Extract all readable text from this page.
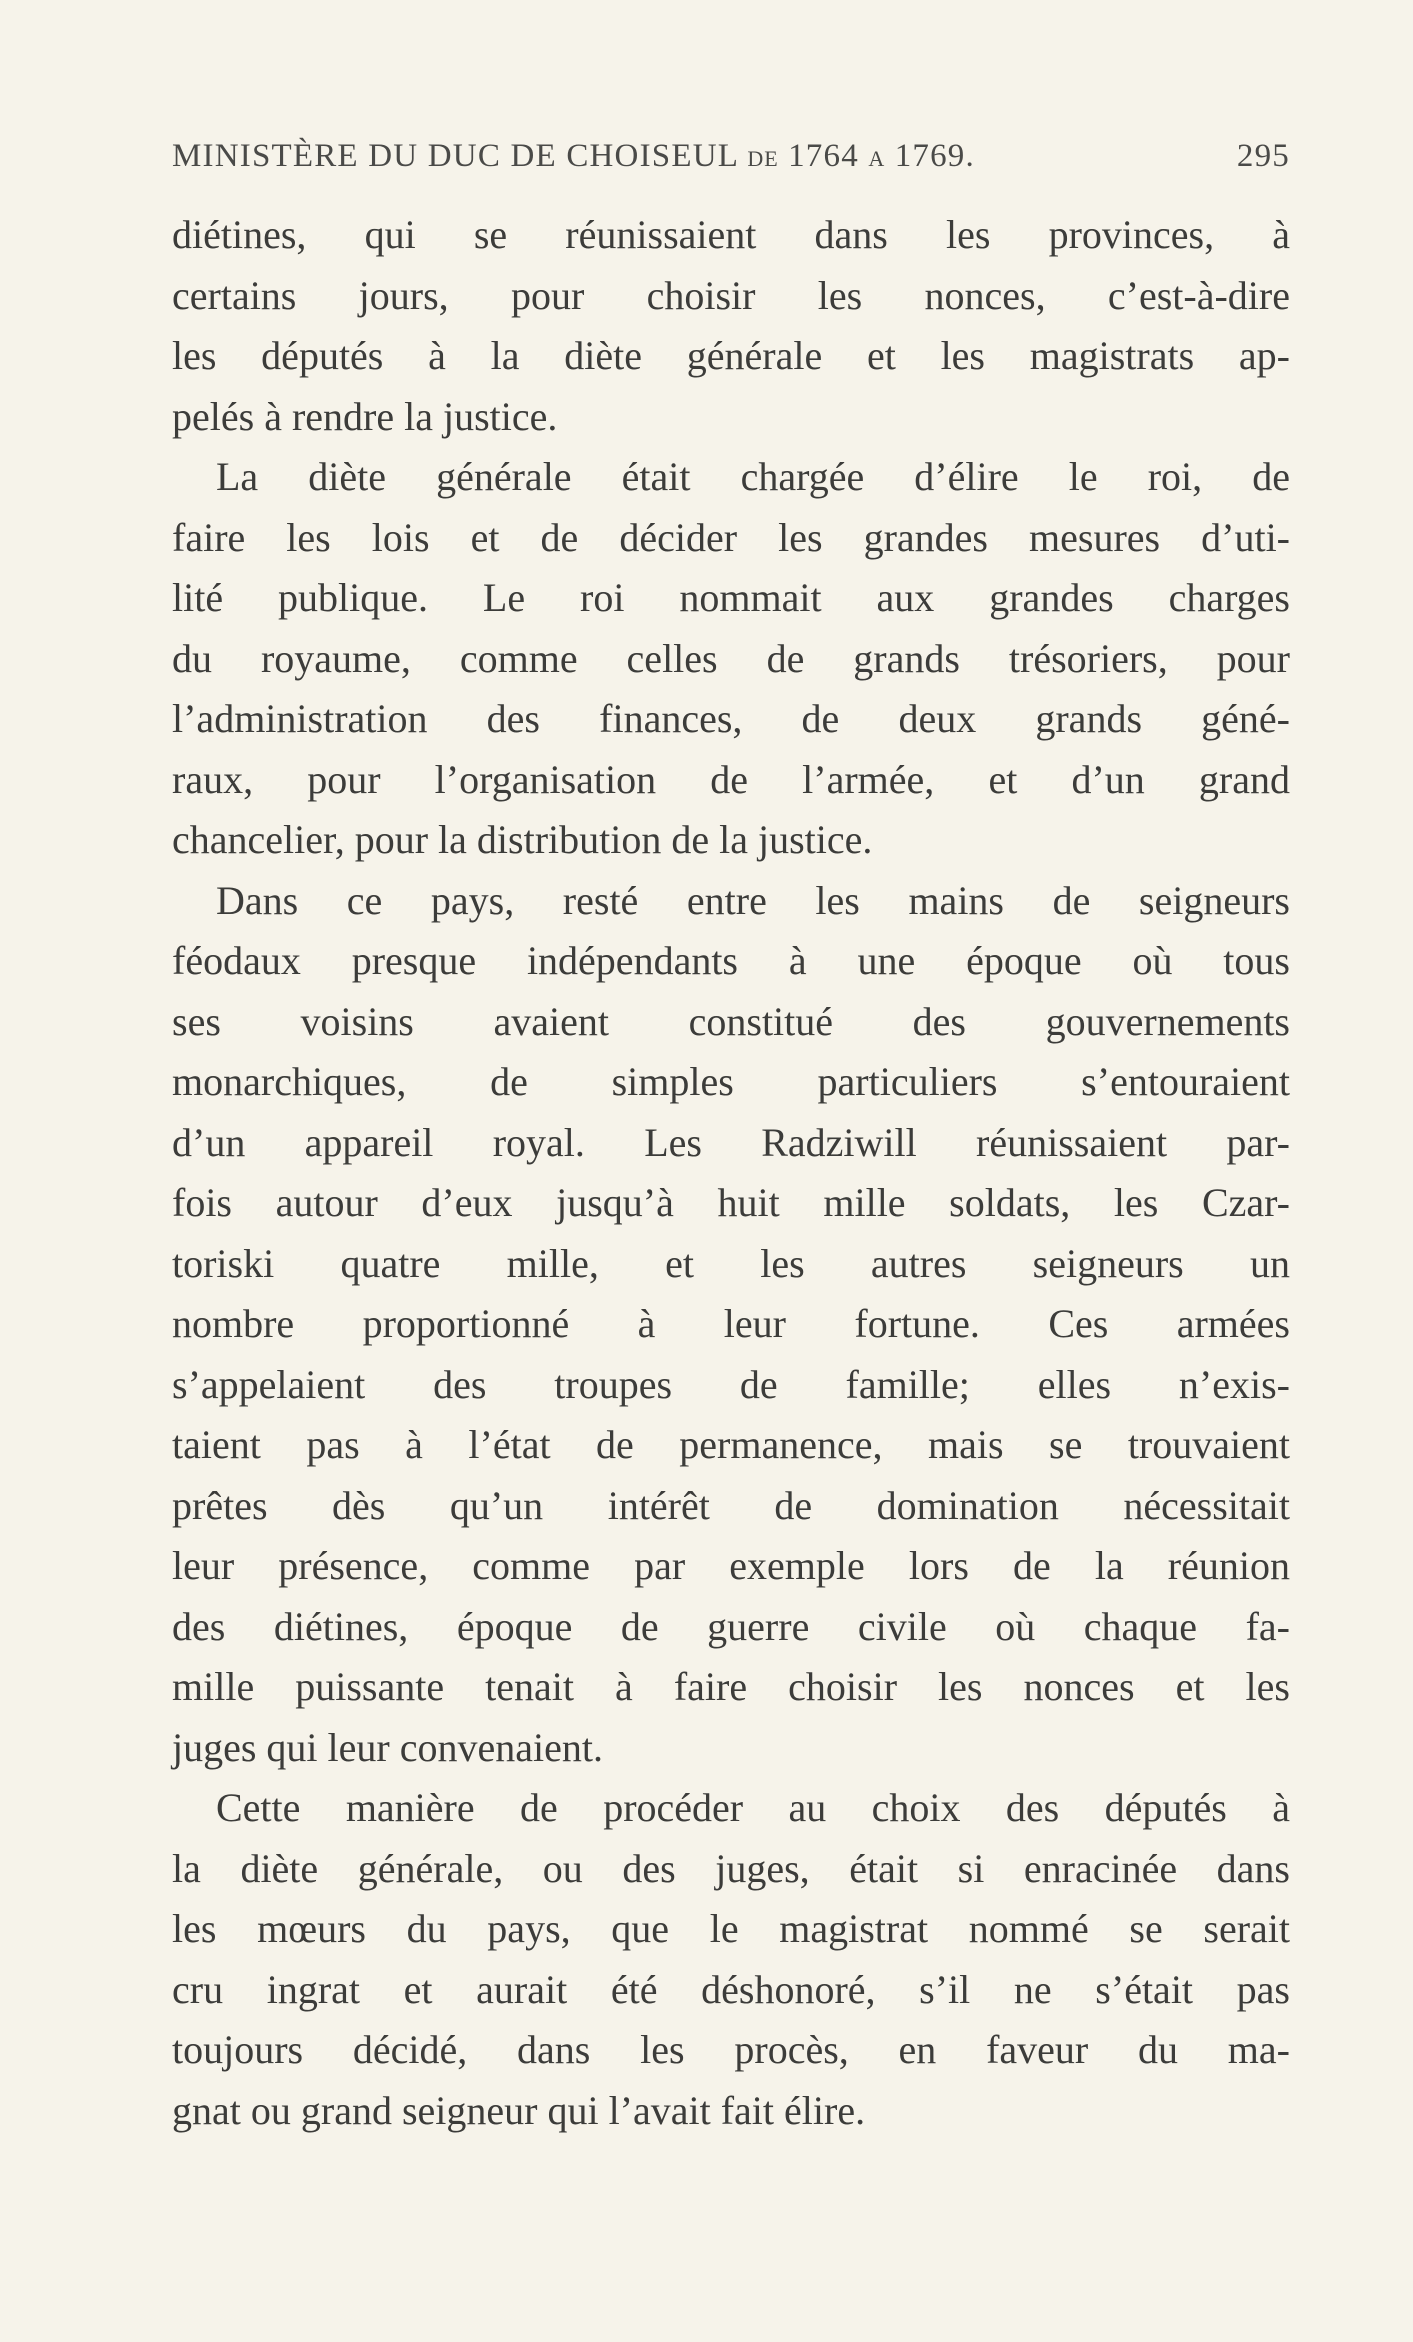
MINISTÈRE DU DUC DE CHOISEUL DE 1764 A 1769.	295
diétines, qui se réunissaient dans les provinces, à
certains jours, pour choisir les nonces, c’est-à-dire
les députés à la diète générale et les magistrats ap-
pelés à rendre la justice.
La diète générale était chargée d’élire le roi, de
faire les lois et de décider les grandes mesures d’uti-
lité publique. Le roi nommait aux grandes charges
du royaume, comme celles de grands trésoriers, pour
l’administration des finances, de deux grands géné-
raux, pour l’organisation de l’armée, et d’un grand
chancelier, pour la distribution de la justice.
Dans ce pays, resté entre les mains de seigneurs
féodaux presque indépendants à une époque où tous
ses voisins avaient constitué des gouvernements
monarchiques, de simples particuliers s’entouraient
d’un appareil royal. Les Radziwill réunissaient par-
fois autour d’eux jusqu’à huit mille soldats, les Czar-
toriski quatre mille, et les autres seigneurs un
nombre proportionné à leur fortune. Ces armées
s’appelaient des troupes de famille; elles n’exis-
taient pas à l’état de permanence, mais se trouvaient
prêtes dès qu’un intérêt de domination nécessitait
leur présence, comme par exemple lors de la réunion
des diétines, époque de guerre civile où chaque fa-
mille puissante tenait à faire choisir les nonces et les
juges qui leur convenaient.
Cette manière de procéder au choix des députés à
la diète générale, ou des juges, était si enracinée dans
les mœurs du pays, que le magistrat nommé se serait
cru ingrat et aurait été déshonoré, s’il ne s’était pas
toujours décidé, dans les procès, en faveur du ma-
gnat ou grand seigneur qui l’avait fait élire.
